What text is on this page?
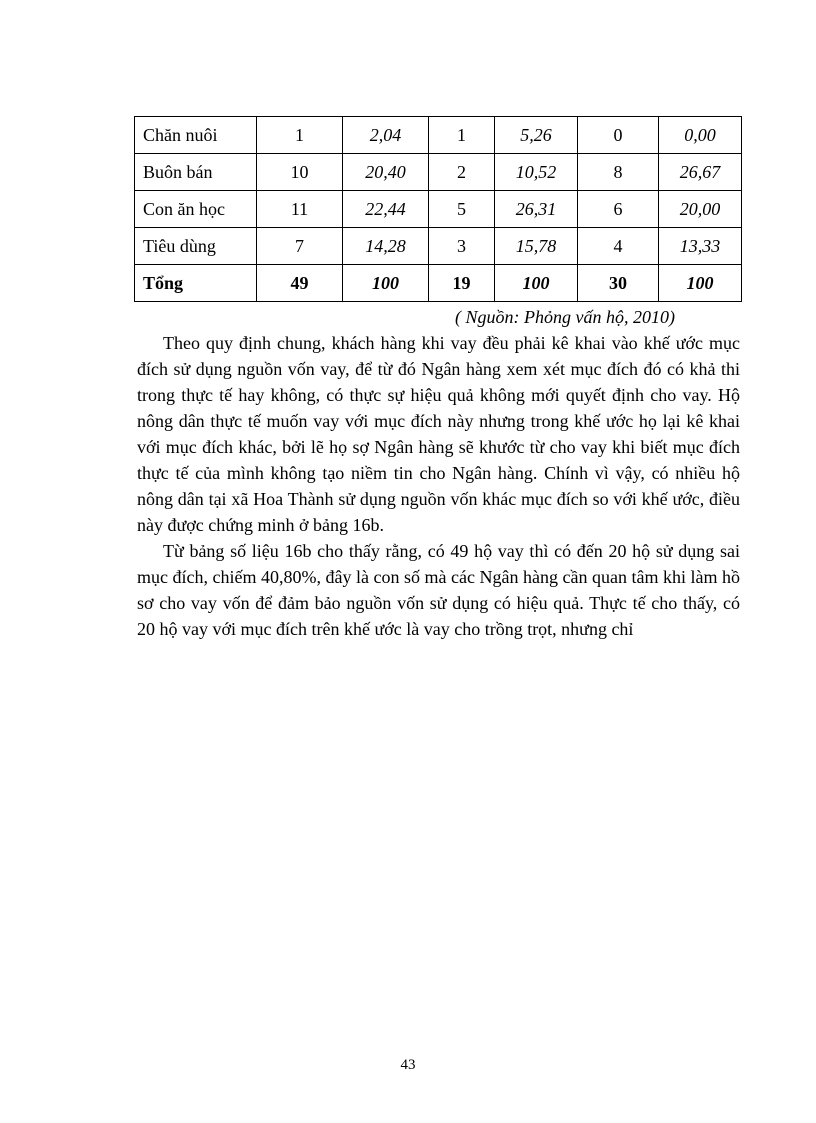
Chăn nuôi	1	2,04	1	5,26	0	0,00
Buôn bán	10	20,40	2	10,52	8	26,67
Con ăn học	11	22,44	5	26,31	6	20,00
Tiêu dùng	7	14,28	3	15,78	4	13,33
Tổng	49	100	19	100	30	100
( Nguồn: Phỏng vấn hộ, 2010)

Theo quy định chung, khách hàng khi vay đều phải kê khai vào khế ước mục đích sử dụng nguồn vốn vay, để từ đó Ngân hàng xem xét mục đích đó có khả thi trong thực tế hay không, có thực sự hiệu quả không mới quyết định cho vay. Hộ nông dân thực tế muốn vay với mục đích này nhưng trong khế ước họ lại kê khai với mục đích khác, bởi lẽ họ sợ Ngân hàng sẽ khước từ cho vay khi biết mục đích thực tế của mình không tạo niềm tin cho Ngân hàng. Chính vì vậy, có nhiều hộ nông dân tại xã Hoa Thành sử dụng nguồn vốn khác mục đích so với khế ước, điều này được chứng minh ở bảng 16b.

Từ bảng số liệu 16b cho thấy rằng, có 49 hộ vay thì có đến 20 hộ sử dụng sai mục đích, chiếm 40,80%, đây là con số mà các Ngân hàng cần quan tâm khi làm hồ sơ cho vay vốn để đảm bảo nguồn vốn sử dụng có hiệu quả. Thực tế cho thấy, có 20 hộ vay với mục đích trên khế ước là vay cho trồng trọt, nhưng chỉ

43
